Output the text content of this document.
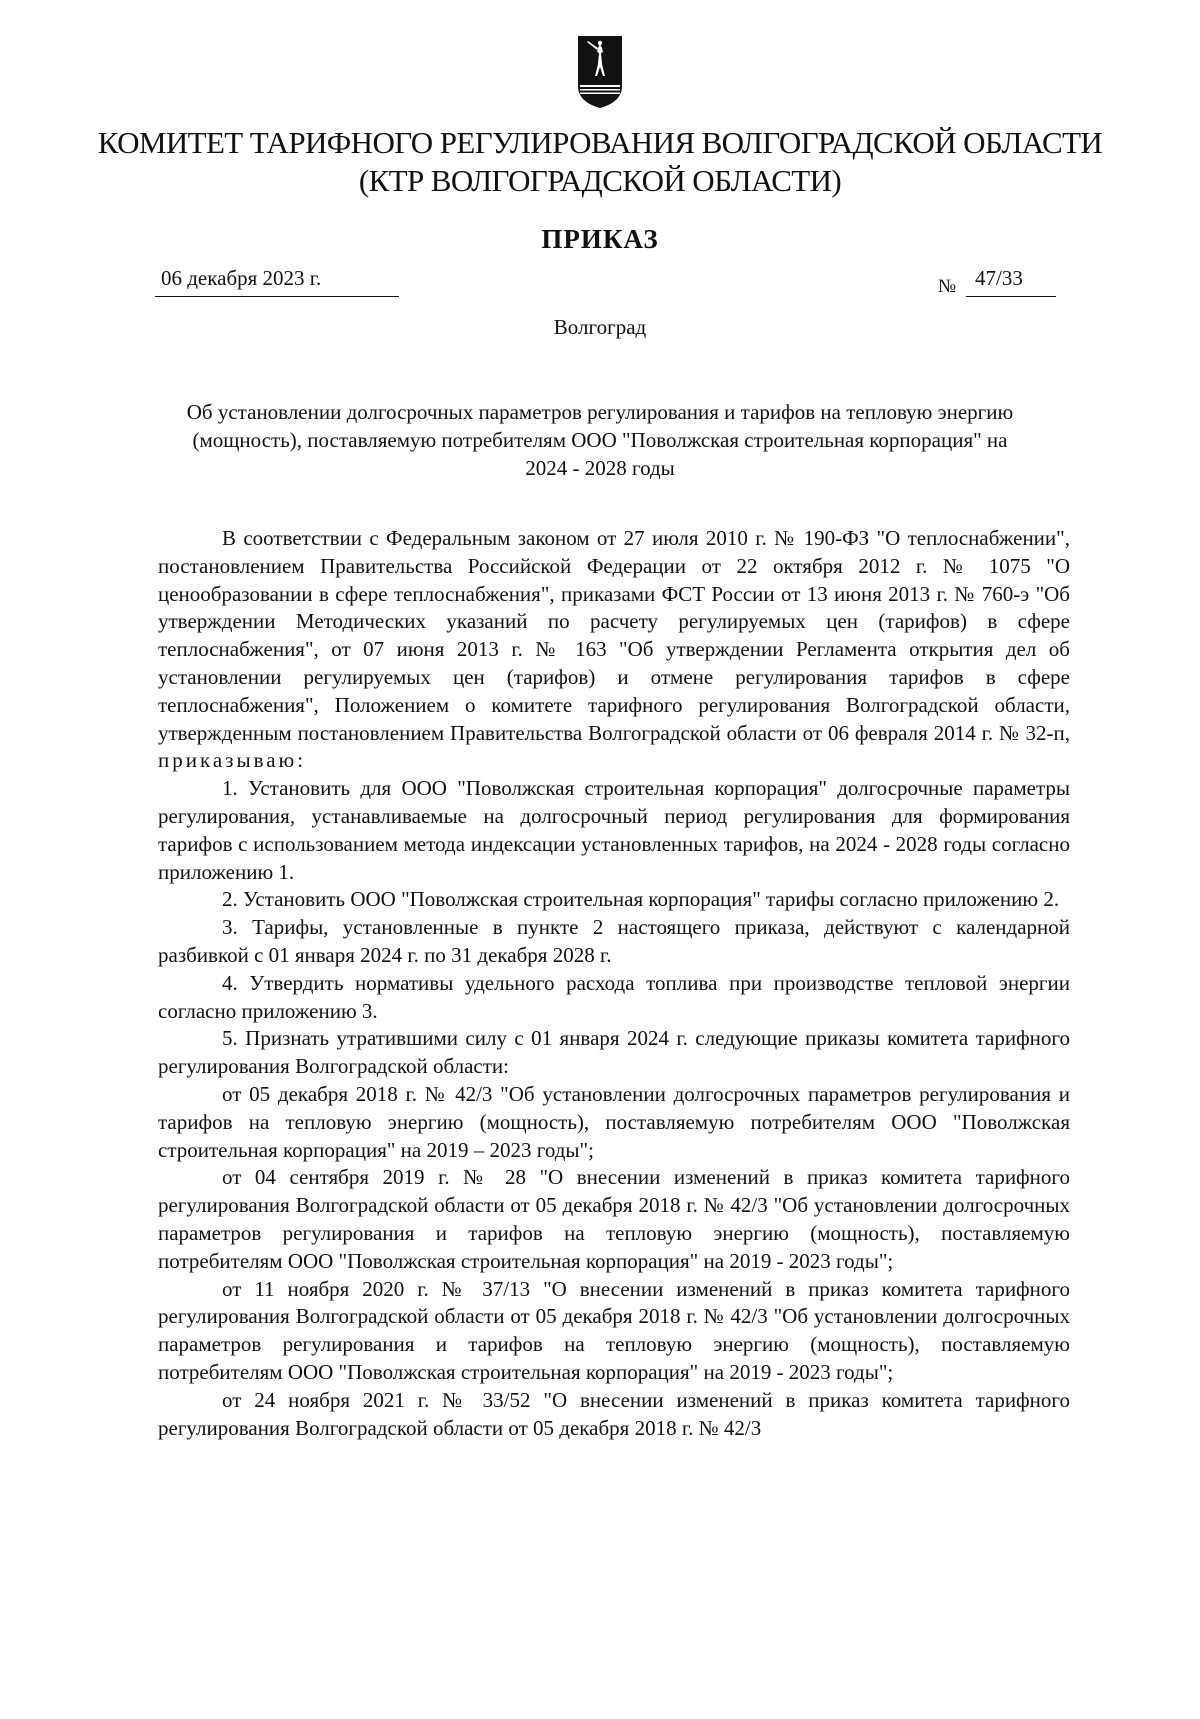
КОМИТЕТ ТАРИФНОГО РЕГУЛИРОВАНИЯ ВОЛГОГРАДСКОЙ ОБЛАСТИ
(КТР ВОЛГОГРАДСКОЙ ОБЛАСТИ)
ПРИКАЗ
06 декабря 2023 г.	№ 47/33
Волгоград
Об установлении долгосрочных параметров регулирования и тарифов на тепловую энергию (мощность), поставляемую потребителям ООО "Поволжская строительная корпорация" на 2024 - 2028 годы

В соответствии с Федеральным законом от 27 июля 2010 г. № 190-ФЗ "О теплоснабжении", постановлением Правительства Российской Федерации от 22 октября 2012 г. № 1075 "О ценообразовании в сфере теплоснабжения", приказами ФСТ России от 13 июня 2013 г. № 760-э "Об утверждении Методических указаний по расчету регулируемых цен (тарифов) в сфере теплоснабжения", от 07 июня 2013 г. № 163 "Об утверждении Регламента открытия дел об установлении регулируемых цен (тарифов) и отмене регулирования тарифов в сфере теплоснабжения", Положением о комитете тарифного регулирования Волгоградской области, утвержденным постановлением Правительства Волгоградской области от 06 февраля 2014 г. № 32-п, приказываю:

1. Установить для ООО "Поволжская строительная корпорация" долгосрочные параметры регулирования, устанавливаемые на долгосрочный период регулирования для формирования тарифов с использованием метода индексации установленных тарифов, на 2024 - 2028 годы согласно приложению 1.

2. Установить ООО "Поволжская строительная корпорация" тарифы согласно приложению 2.

3. Тарифы, установленные в пункте 2 настоящего приказа, действуют с календарной разбивкой с 01 января 2024 г. по 31 декабря 2028 г.

4. Утвердить нормативы удельного расхода топлива при производстве тепловой энергии согласно приложению 3.

5. Признать утратившими силу с 01 января 2024 г. следующие приказы комитета тарифного регулирования Волгоградской области:

от 05 декабря 2018 г. № 42/3 "Об установлении долгосрочных параметров регулирования и тарифов на тепловую энергию (мощность), поставляемую потребителям ООО "Поволжская строительная корпорация" на 2019 – 2023 годы";

от 04 сентября 2019 г. № 28 "О внесении изменений в приказ комитета тарифного регулирования Волгоградской области от 05 декабря 2018 г. № 42/3 "Об установлении долгосрочных параметров регулирования и тарифов на тепловую энергию (мощность), поставляемую потребителям ООО "Поволжская строительная корпорация" на 2019 - 2023 годы";

от 11 ноября 2020 г. № 37/13 "О внесении изменений в приказ комитета тарифного регулирования Волгоградской области от 05 декабря 2018 г. № 42/3 "Об установлении долгосрочных параметров регулирования и тарифов на тепловую энергию (мощность), поставляемую потребителям ООО "Поволжская строительная корпорация" на 2019 - 2023 годы";

от 24 ноября 2021 г. № 33/52 "О внесении изменений в приказ комитета тарифного регулирования Волгоградской области от 05 декабря 2018 г. № 42/3
